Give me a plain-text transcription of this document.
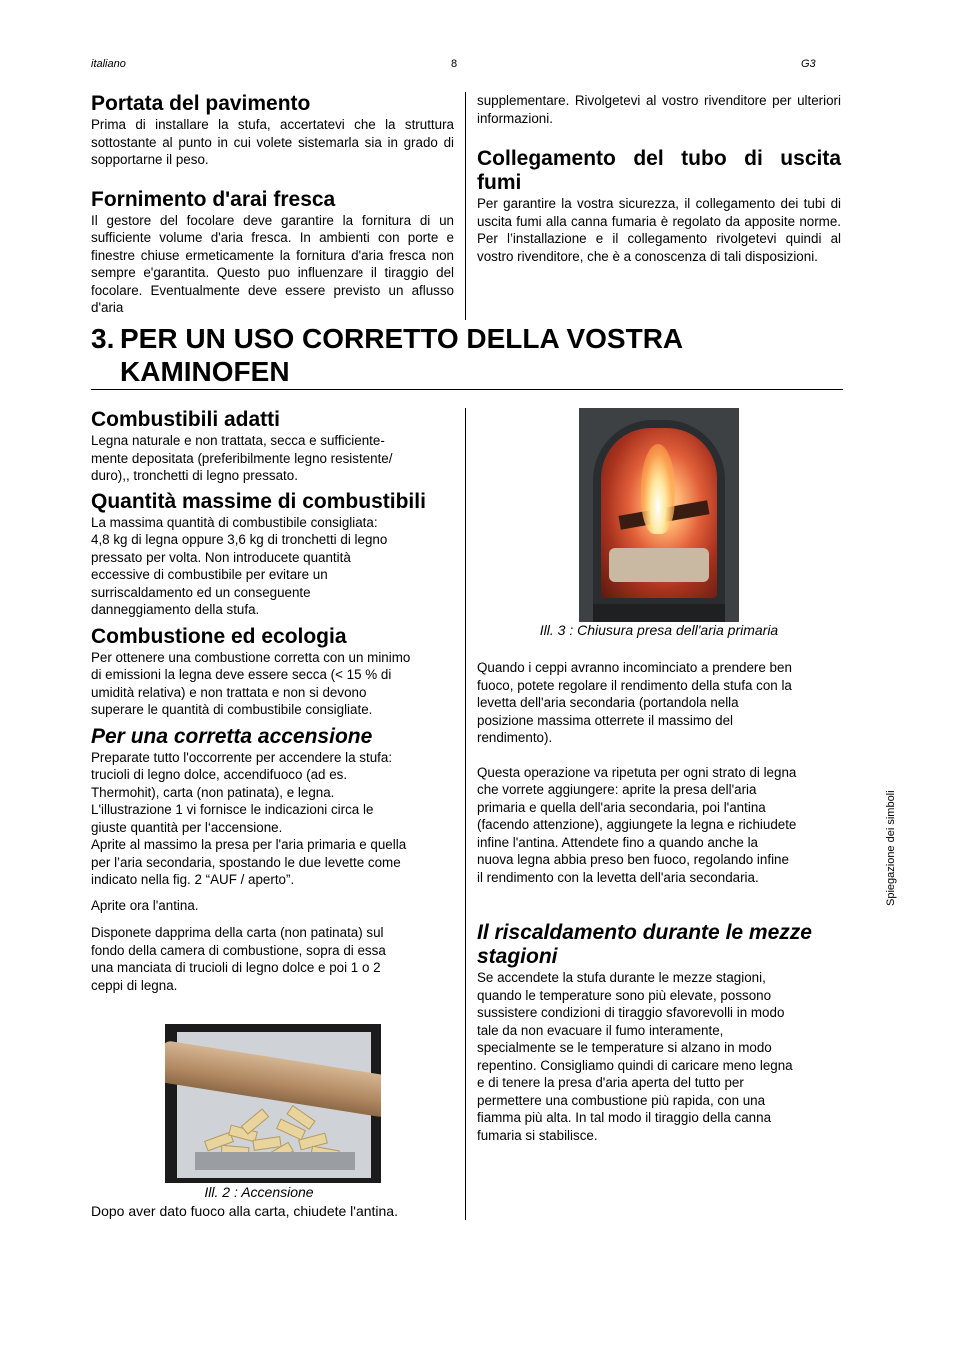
italiano	8	G3
Portata del pavimento

Prima di installare la stufa, accertatevi che la struttura sottostante al punto in cui volete sistemarla sia in grado di sopportarne il peso.

Fornimento d'arai fresca

Il gestore del focolare deve garantire la fornitura di un sufficiente volume d'aria fresca. In ambienti con porte e finestre chiuse ermeticamente la fornitura d'aria fresca non sempre e'garantita. Questo puo influenzare il tiraggio del focolare. Eventualmente deve essere previsto un aflusso d'aria

supplementare. Rivolgetevi al vostro rivenditore per ulteriori informazioni.

Collegamento del tubo di uscita fumi

Per garantire la vostra sicurezza, il collegamento dei tubi di uscita fumi alla canna fumaria è regolato da apposite norme. Per l’installazione e il collegamento rivolgetevi quindi al vostro rivenditore, che è a conoscenza di tali disposizioni.

3. PER UN USO CORRETTO DELLA VOSTRA
KAMINOFEN
Combustibili adatti

Legna naturale e non trattata, secca e sufficiente-

mente depositata (preferibilmente legno resistente/

duro),, tronchetti di legno pressato.

Quantità massime di combustibili

La massima quantità di combustibile consigliata:

4,8 kg di legna oppure 3,6 kg di tronchetti di legno

pressato per volta. Non introducete quantità

eccessive di combustibile per evitare un

surriscaldamento ed un conseguente

danneggiamento della stufa.

Combustione ed ecologia

Per ottenere una combustione corretta con un minimo

di emissioni la legna deve essere secca (< 15 % di

umidità relativa) e non trattata e non si devono

superare le quantità di combustibile consigliate.

Per una corretta accensione

Preparate tutto l'occorrente per accendere la stufa:

trucioli di legno dolce, accendifuoco (ad es.

Thermohit), carta (non patinata), e legna.

L'illustrazione 1 vi fornisce le indicazioni circa le

giuste quantità per l‘accensione.

Aprite al massimo la presa per l'aria primaria e quella

per l’aria secondaria, spostando le due levette come

indicato nella fig. 2 “AUF / aperto”.

Aprite ora l'antina.

Disponete dapprima della carta (non patinata) sul

fondo della camera di combustione, sopra di essa

una manciata di trucioli di legno dolce e poi 1 o 2

ceppi di legna.

Ill. 2 : Accensione
Dopo aver dato fuoco alla carta, chiudete l'antina.
Ill. 3 : Chiusura presa dell'aria primaria

Quando i ceppi avranno incominciato a prendere ben

fuoco, potete regolare il rendimento della stufa con la

levetta dell'aria secondaria (portandola nella

posizione massima otterrete il massimo del

rendimento).

Questa operazione va ripetuta per ogni strato di legna

che vorrete aggiungere: aprite la presa dell'aria

primaria e quella dell'aria secondaria, poi l'antina

(facendo attenzione), aggiungete la legna e richiudete

infine l'antina. Attendete fino a quando anche la

nuova legna abbia preso ben fuoco, regolando infine

il rendimento con la levetta dell'aria secondaria.

Il riscaldamento durante le mezze
stagioni

Se accendete la stufa durante le mezze stagioni,

quando le temperature sono più elevate, possono

sussistere condizioni di tiraggio sfavorevolli in modo

tale da non evacuare il fumo interamente,

specialmente se le temperature si alzano in modo

repentino. Consigliamo quindi di caricare meno legna

e di tenere la presa d'aria aperta del tutto per

permettere una combustione più rapida, con una

fiamma più alta. In tal modo il tiraggio della canna

fumaria si stabilisce.

Spiegazione dei simboli
